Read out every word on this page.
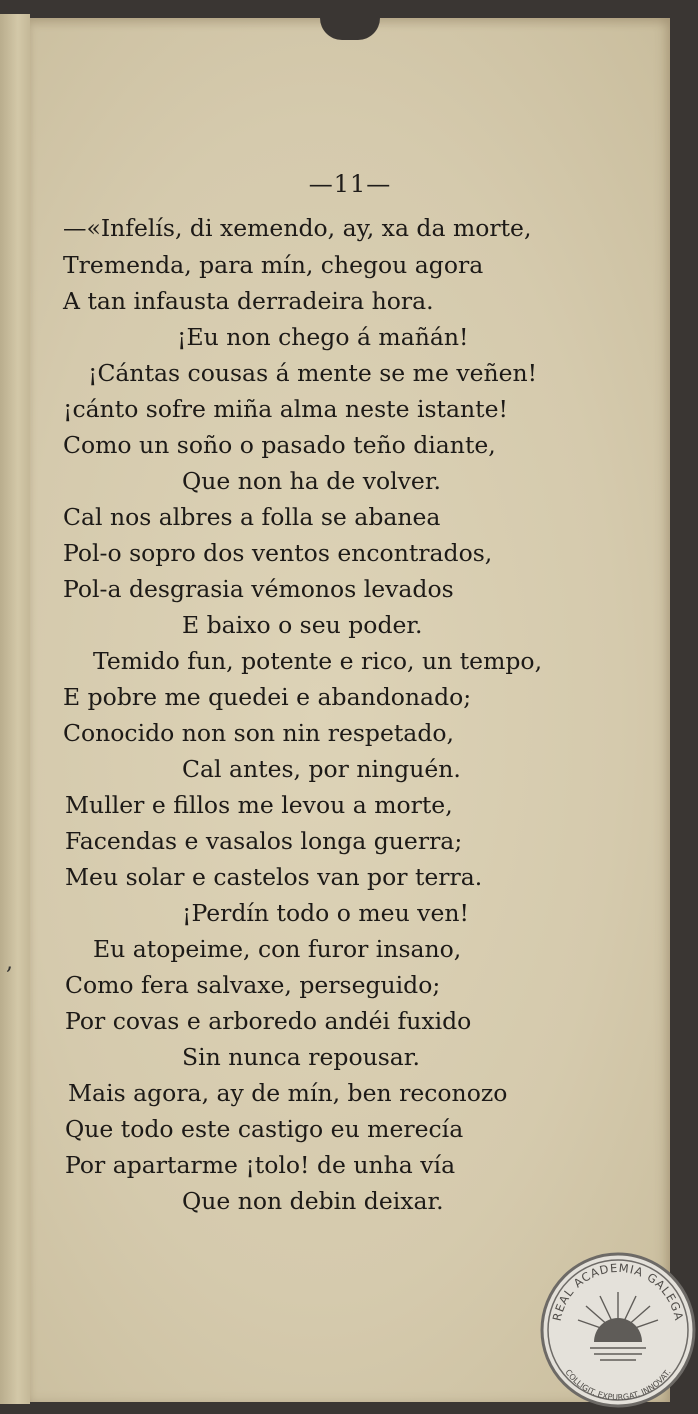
,
—11—
—«Infelís, di xemendo, ay, xa da morte,
Tremenda, para mín, chegou agora
A tan infausta derradeira hora.
¡Eu non chego á mañán!
¡Cántas cousas á mente se me veñen!
¡cánto sofre miña alma neste istante!
Como un soño o pasado teño diante,
Que non ha de volver.
Cal nos albres a folla se abanea
Pol-o sopro dos ventos encontrados,
Pol-a desgrasia vémonos levados
E baixo o seu poder.
Temido fun, potente e rico, un tempo,
E pobre me quedei e abandonado;
Conocido non son nin respetado,
Cal antes, por ninguén.
Muller e fillos me levou a morte,
Facendas e vasalos longa guerra;
Meu solar e castelos van por terra.
¡Perdín todo o meu ven!
Eu atopeime, con furor insano,
Como fera salvaxe, perseguido;
Por covas e arboredo andéi fuxido
Sin nunca repousar.
Mais agora, ay de mín, ben reconozo
Que todo este castigo eu merecía
Por apartarme ¡tolo! de unha vía
Que non debin deixar.
REAL ACADEMIA GALEGA
COLLIGIT. EXPURGAT. INNOVAT.
